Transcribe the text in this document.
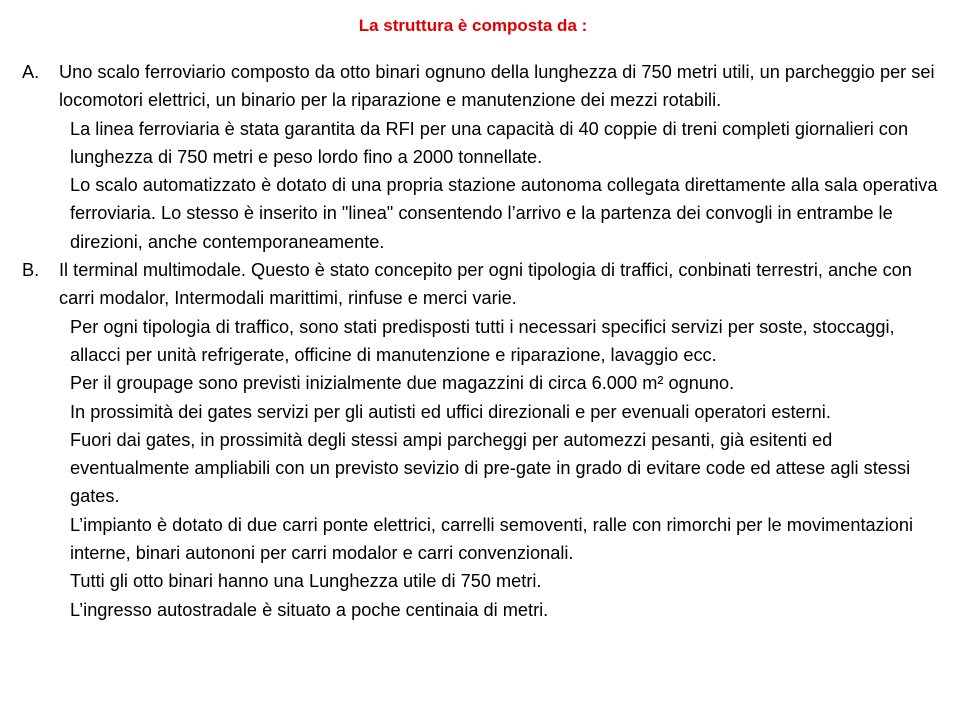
La struttura è composta da :
A. Uno scalo ferroviario composto da otto binari ognuno della lunghezza di 750 metri utili, un parcheggio per sei locomotori elettrici, un binario per la riparazione e manutenzione dei mezzi rotabili.
La linea ferroviaria è stata garantita da RFI per una capacità di 40 coppie di treni completi giornalieri con lunghezza di 750 metri e peso lordo fino a 2000 tonnellate.
Lo scalo automatizzato è dotato di una propria stazione autonoma collegata direttamente alla sala operativa ferroviaria. Lo stesso è inserito in "linea" consentendo l’arrivo e la partenza dei convogli in entrambe le direzioni, anche contemporaneamente.
B. Il terminal multimodale. Questo è stato concepito per ogni tipologia di traffici, conbinati terrestri, anche con carri modalor, Intermodali marittimi, rinfuse e merci varie.
Per ogni tipologia di traffico, sono stati predisposti tutti i necessari specifici servizi per soste, stoccaggi, allacci per unità refrigerate, officine di manutenzione e riparazione, lavaggio ecc.
Per il groupage sono previsti inizialmente due magazzini di circa 6.000 m² ognuno.
In prossimità dei gates servizi per gli autisti ed uffici direzionali e per evenuali operatori esterni.
Fuori dai gates, in prossimità degli stessi ampi parcheggi per automezzi pesanti, già esitenti ed eventualmente ampliabili con un previsto sevizio di pre-gate in grado di evitare code ed attese agli stessi gates.
L’impianto è dotato di due carri ponte elettrici, carrelli semoventi, ralle con rimorchi per le movimentazioni interne, binari autononi per carri modalor e carri convenzionali.
Tutti gli otto binari hanno una Lunghezza utile di 750 metri.
L’ingresso autostradale è situato a poche centinaia di metri.
